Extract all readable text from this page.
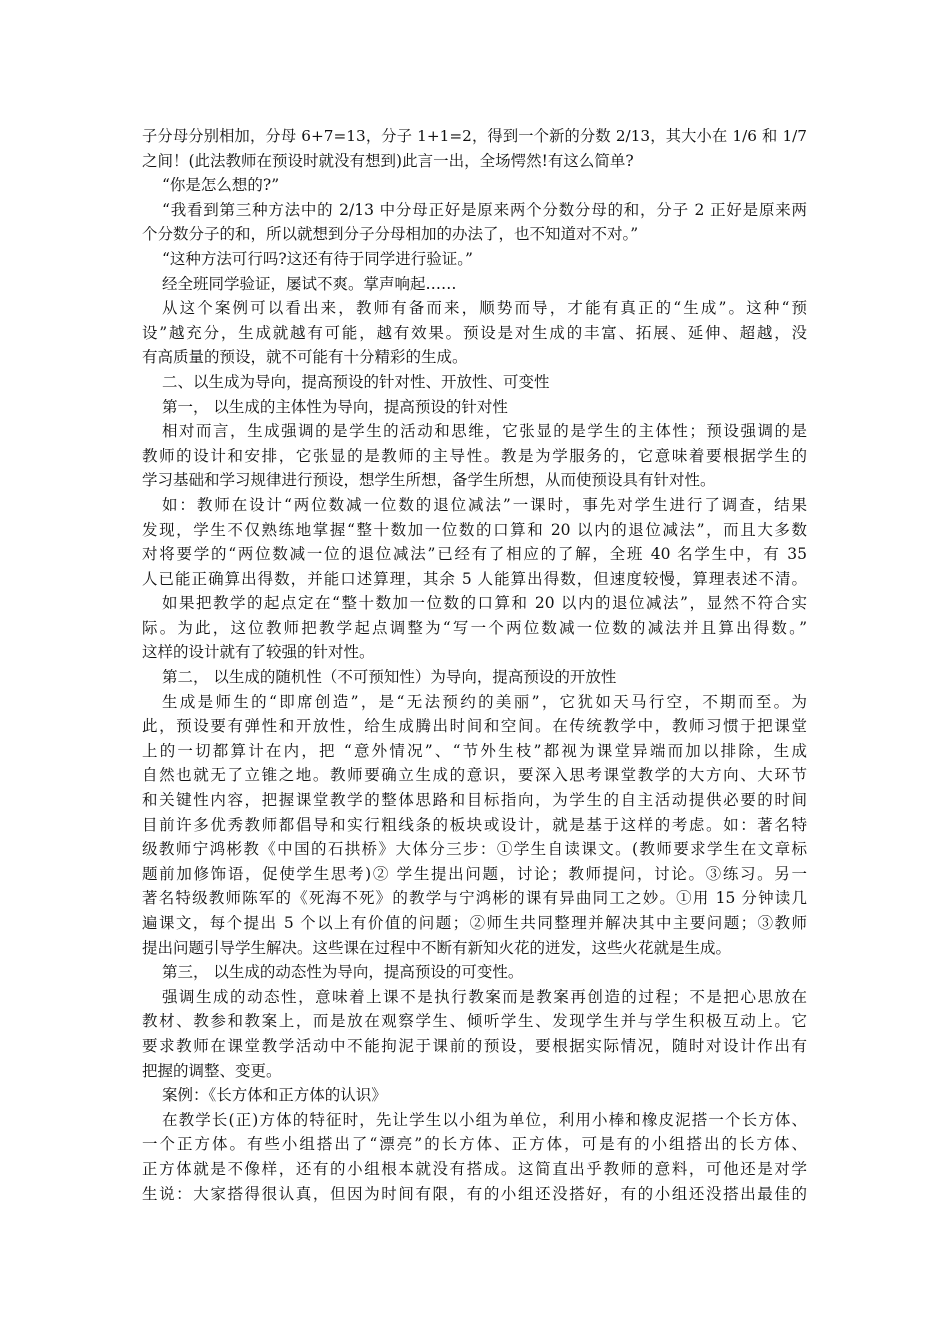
子分母分别相加，分母 6+7=13，分子 1+1=2，得到一个新的分数 2/13，其大小在 1/6 和 1/7
之间！(此法教师在预设时就没有想到)此言一出，全场愕然!有这么简单?
“你是怎么想的?”
“我看到第三种方法中的 2/13 中分母正好是原来两个分数分母的和，分子 2 正好是原来两
个分数分子的和，所以就想到分子分母相加的办法了，也不知道对不对。”
“这种方法可行吗?这还有待于同学进行验证。”
经全班同学验证，屡试不爽。掌声响起……
从这个案例可以看出来，教师有备而来，顺势而导，才能有真正的“生成”。这种“预
设”越充分，生成就越有可能，越有效果。预设是对生成的丰富、拓展、延伸、超越，没
有高质量的预设，就不可能有十分精彩的生成。
二、以生成为导向，提高预设的针对性、开放性、可变性
第一， 以生成的主体性为导向，提高预设的针对性
相对而言，生成强调的是学生的活动和思维，它张显的是学生的主体性；预设强调的是
教师的设计和安排，它张显的是教师的主导性。教是为学服务的，它意味着要根据学生的
学习基础和学习规律进行预设，想学生所想，备学生所想，从而使预设具有针对性。
如：教师在设计“两位数减一位数的退位减法”一课时，事先对学生进行了调查，结果
发现，学生不仅熟练地掌握“整十数加一位数的口算和 20 以内的退位减法”，而且大多数
对将要学的“两位数减一位的退位减法”已经有了相应的了解，全班 40 名学生中，有 35
人已能正确算出得数，并能口述算理，其余 5 人能算出得数，但速度较慢，算理表述不清。
如果把教学的起点定在“整十数加一位数的口算和 20 以内的退位减法”，显然不符合实
际。为此，这位教师把教学起点调整为“写一个两位数减一位数的减法并且算出得数。”
这样的设计就有了较强的针对性。
第二， 以生成的随机性（不可预知性）为导向，提高预设的开放性
生成是师生的“即席创造”，是“无法预约的美丽”，它犹如天马行空，不期而至。为
此，预设要有弹性和开放性，给生成腾出时间和空间。在传统教学中，教师习惯于把课堂
上的一切都算计在内，把 “意外情况”、“节外生枝”都视为课堂异端而加以排除，生成
自然也就无了立锥之地。教师要确立生成的意识，要深入思考课堂教学的大方向、大环节
和关键性内容，把握课堂教学的整体思路和目标指向，为学生的自主活动提供必要的时间
目前许多优秀教师都倡导和实行粗线条的板块或设计，就是基于这样的考虑。如：著名特
级教师宁鸿彬教《中国的石拱桥》大体分三步：①学生自读课文。(教师要求学生在文章标
题前加修饰语，促使学生思考)② 学生提出问题，讨论；教师提问，讨论。③练习。另一
著名特级教师陈军的《死海不死》的教学与宁鸿彬的课有异曲同工之妙。①用 15 分钟读几
遍课文，每个提出 5 个以上有价值的问题；②师生共同整理并解决其中主要问题；③教师
提出问题引导学生解决。这些课在过程中不断有新知火花的迸发，这些火花就是生成。
第三， 以生成的动态性为导向，提高预设的可变性。
强调生成的动态性，意味着上课不是执行教案而是教案再创造的过程；不是把心思放在
教材、教参和教案上，而是放在观察学生、倾听学生、发现学生并与学生积极互动上。它
要求教师在课堂教学活动中不能拘泥于课前的预设，要根据实际情况，随时对设计作出有
把握的调整、变更。
案例：《长方体和正方体的认识》
在教学长(正)方体的特征时，先让学生以小组为单位，利用小棒和橡皮泥搭一个长方体、
一个正方体。有些小组搭出了“漂亮”的长方体、正方体，可是有的小组搭出的长方体、
正方体就是不像样，还有的小组根本就没有搭成。这简直出乎教师的意料，可他还是对学
生说：大家搭得很认真，但因为时间有限，有的小组还没搭好，有的小组还没搭出最佳的
